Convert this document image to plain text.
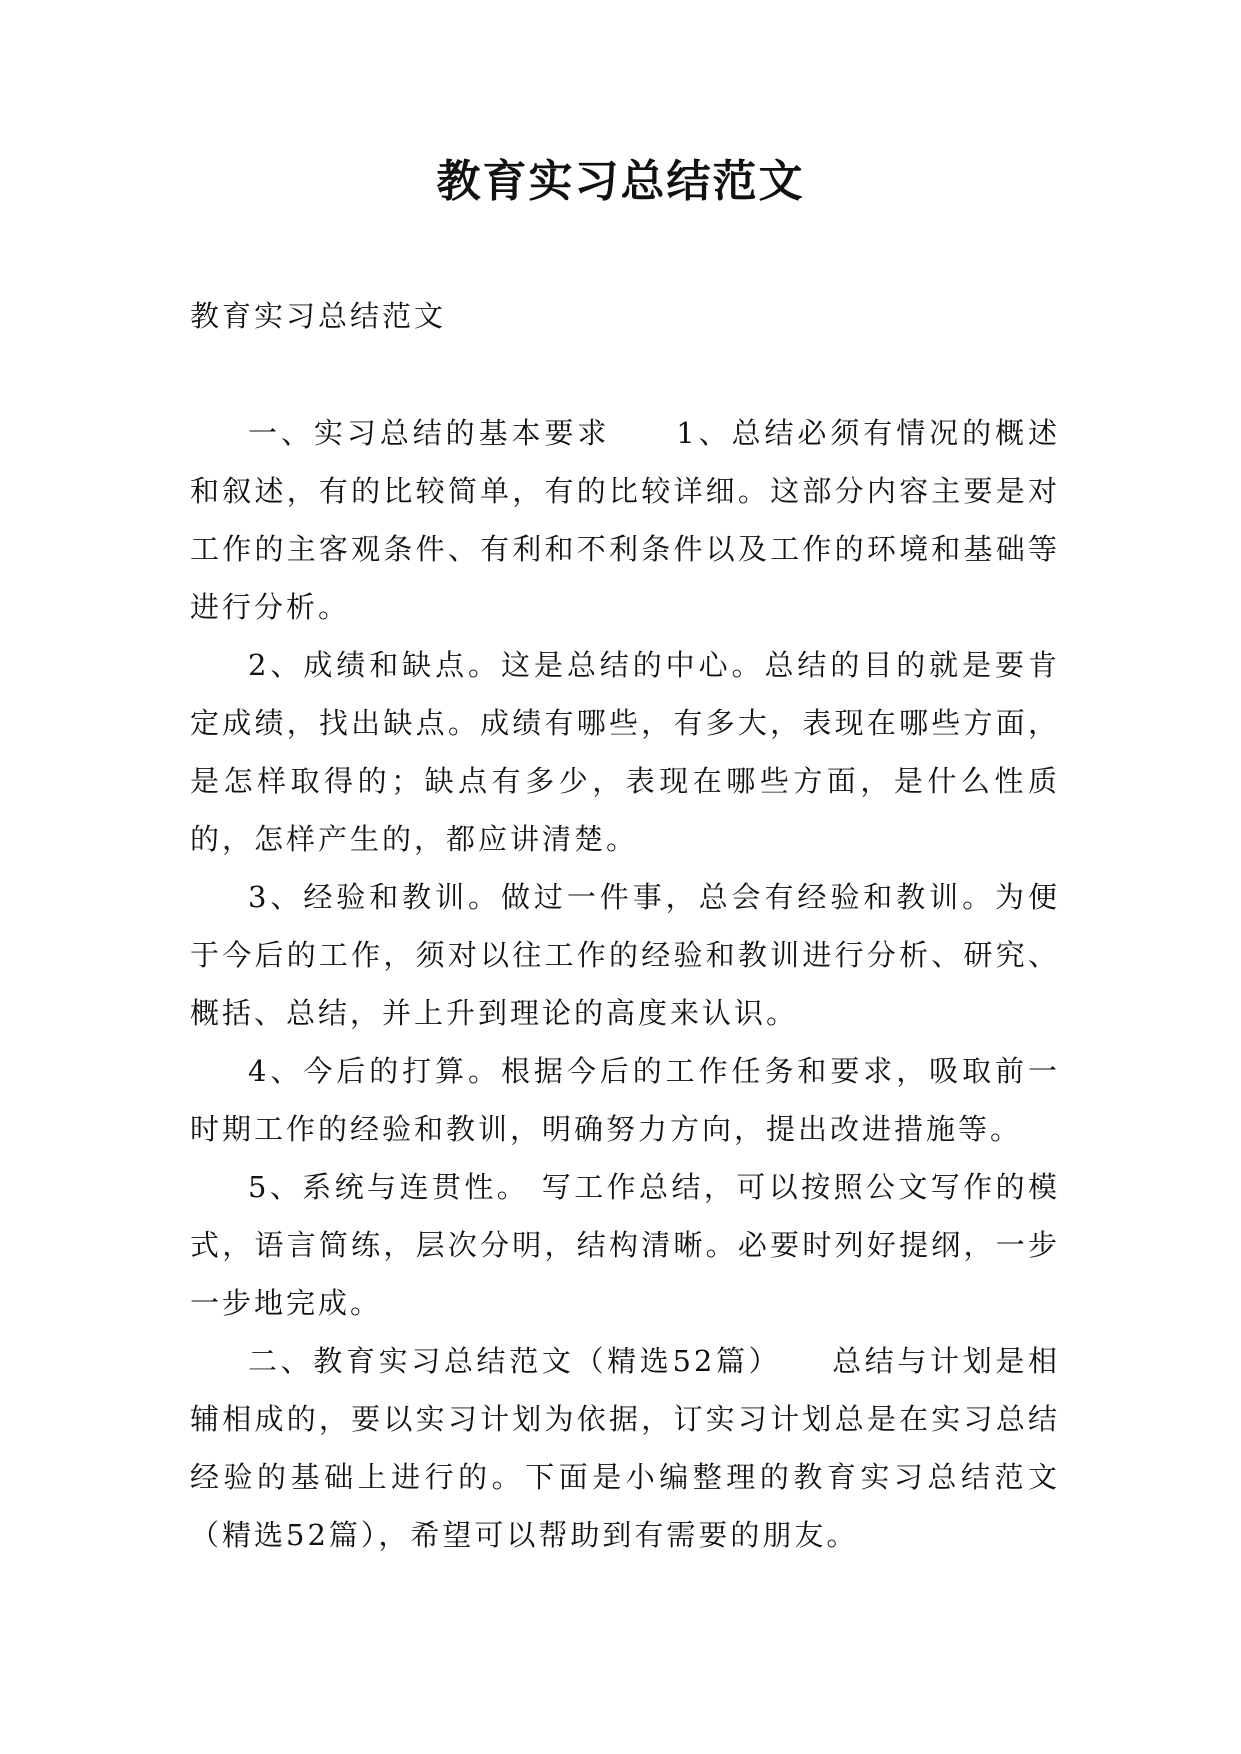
教育实习总结范文

教育实习总结范文

一、实习总结的基本要求　　1、总结必须有情况的概述和叙述，有的比较简单，有的比较详细。这部分内容主要是对工作的主客观条件、有利和不利条件以及工作的环境和基础等进行分析。

2、成绩和缺点。这是总结的中心。总结的目的就是要肯定成绩，找出缺点。成绩有哪些，有多大，表现在哪些方面，是怎样取得的；缺点有多少，表现在哪些方面，是什么性质的，怎样产生的，都应讲清楚。

3、经验和教训。做过一件事，总会有经验和教训。为便于今后的工作，须对以往工作的经验和教训进行分析、研究、概括、总结，并上升到理论的高度来认识。

4、今后的打算。根据今后的工作任务和要求，吸取前一时期工作的经验和教训，明确努力方向，提出改进措施等。

5、系统与连贯性。 写工作总结，可以按照公文写作的模式，语言简练，层次分明，结构清晰。必要时列好提纲，一步一步地完成。

二、教育实习总结范文（精选52篇）　　总结与计划是相辅相成的，要以实习计划为依据，订实习计划总是在实习总结经验的基础上进行的。下面是小编整理的教育实习总结范文（精选52篇），希望可以帮助到有需要的朋友。
